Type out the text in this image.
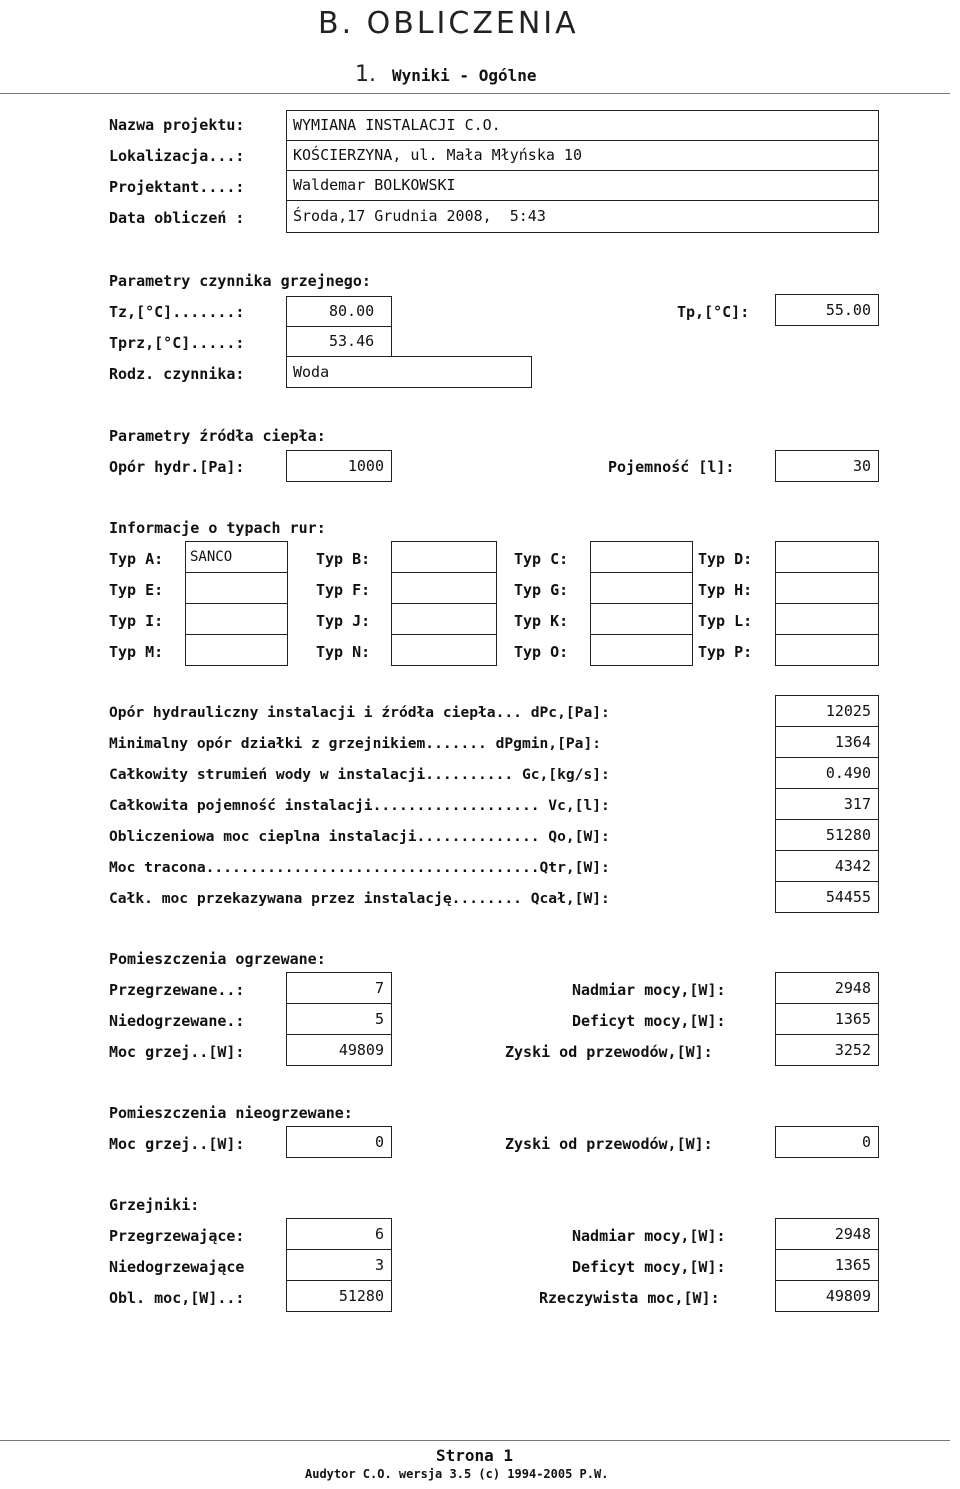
B. OBLICZENIA
1. Wyniki - Ogólne
Nazwa projektu:	WYMIANA INSTALACJI C.O.
Lokalizacja...:	KOŚCIERZYNA, ul. Mała Młyńska 10
Projektant....:	Waldemar BOLKOWSKI
Data obliczeń :	Środa,17 Grudnia 2008,  5:43
Parametry czynnika grzejnego:
Tz,[°C].......:	80.00
Tprz,[°C].....:	53.46
Rodz. czynnika:	Woda
Tp,[°C]:	55.00
Parametry źródła ciepła:
Opór hydr.[Pa]:	1000	Pojemność [l]:	30
Informacje o typach rur:
Typ A:	SANCO	Typ B:	Typ C:	Typ D:
Typ E:	Typ F:	Typ G:	Typ H:
Typ I:	Typ J:	Typ K:	Typ L:
Typ M:	Typ N:	Typ O:	Typ P:
Opór hydrauliczny instalacji i źródła ciepła... dPc,[Pa]:	12025
Minimalny opór działki z grzejnikiem....... dPgmin,[Pa]:	1364
Całkowity strumień wody w instalacji.......... Gc,[kg/s]:	0.490
Całkowita pojemność instalacji................... Vc,[l]:	317
Obliczeniowa moc cieplna instalacji.............. Qo,[W]:	51280
Moc tracona......................................Qtr,[W]:	4342
Całk. moc przekazywana przez instalację........ Qcał,[W]:	54455
Pomieszczenia ogrzewane:
Przegrzewane..:	7
Niedogrzewane.:	5
Moc grzej..[W]:	49809
Nadmiar mocy,[W]:	2948
Deficyt mocy,[W]:	1365
Zyski od przewodów,[W]:	3252
Pomieszczenia nieogrzewane:
Moc grzej..[W]:	0	Zyski od przewodów,[W]:	0
Grzejniki:
Przegrzewające:	6
Niedogrzewające	3
Obl. moc,[W]..:	51280
Nadmiar mocy,[W]:	2948
Deficyt mocy,[W]:	1365
Rzeczywista moc,[W]:	49809
Strona 1
Audytor C.O. wersja 3.5 (c) 1994-2005 P.W.
